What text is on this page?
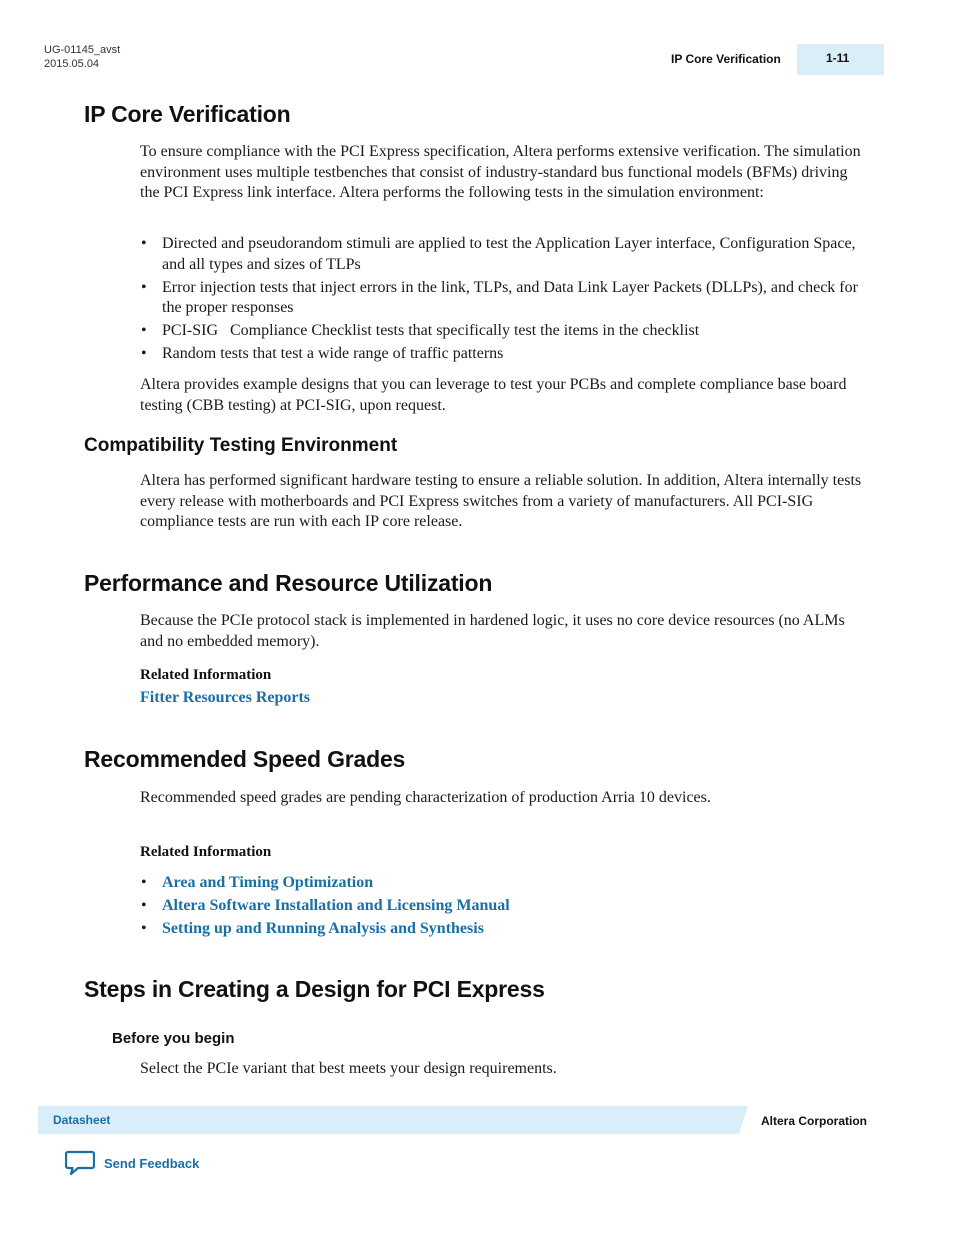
UG-01145_avst
2015.05.04	IP Core Verification	1-11
IP Core Verification

To ensure compliance with the PCI Express specification, Altera performs extensive verification. The simulation environment uses multiple testbenches that consist of industry‑standard bus functional models (BFMs) driving the PCI Express link interface. Altera performs the following tests in the simulation environment:

• Directed and pseudorandom stimuli are applied to test the Application Layer interface, Configuration Space, and all types and sizes of TLPs
• Error injection tests that inject errors in the link, TLPs, and Data Link Layer Packets (DLLPs), and check for the proper responses
• PCI-SIG   Compliance Checklist tests that specifically test the items in the checklist
• Random tests that test a wide range of traffic patterns

Altera provides example designs that you can leverage to test your PCBs and complete compliance base board testing (CBB testing) at PCI-SIG, upon request.

Compatibility Testing Environment

Altera has performed significant hardware testing to ensure a reliable solution. In addition, Altera internally tests every release with motherboards and PCI Express switches from a variety of manufacturers. All PCI-SIG compliance tests are run with each IP core release.

Performance and Resource Utilization

Because the PCIe protocol stack is implemented in hardened logic, it uses no core device resources (no ALMs and no embedded memory).

Related Information
Fitter Resources Reports
Recommended Speed Grades

Recommended speed grades are pending characterization of production Arria 10 devices.

Related Information
• Area and Timing Optimization
• Altera Software Installation and Licensing Manual
• Setting up and Running Analysis and Synthesis
Steps in Creating a Design for PCI Express
Before you begin

Select the PCIe variant that best meets your design requirements.

Datasheet	Altera Corporation
Send Feedback
